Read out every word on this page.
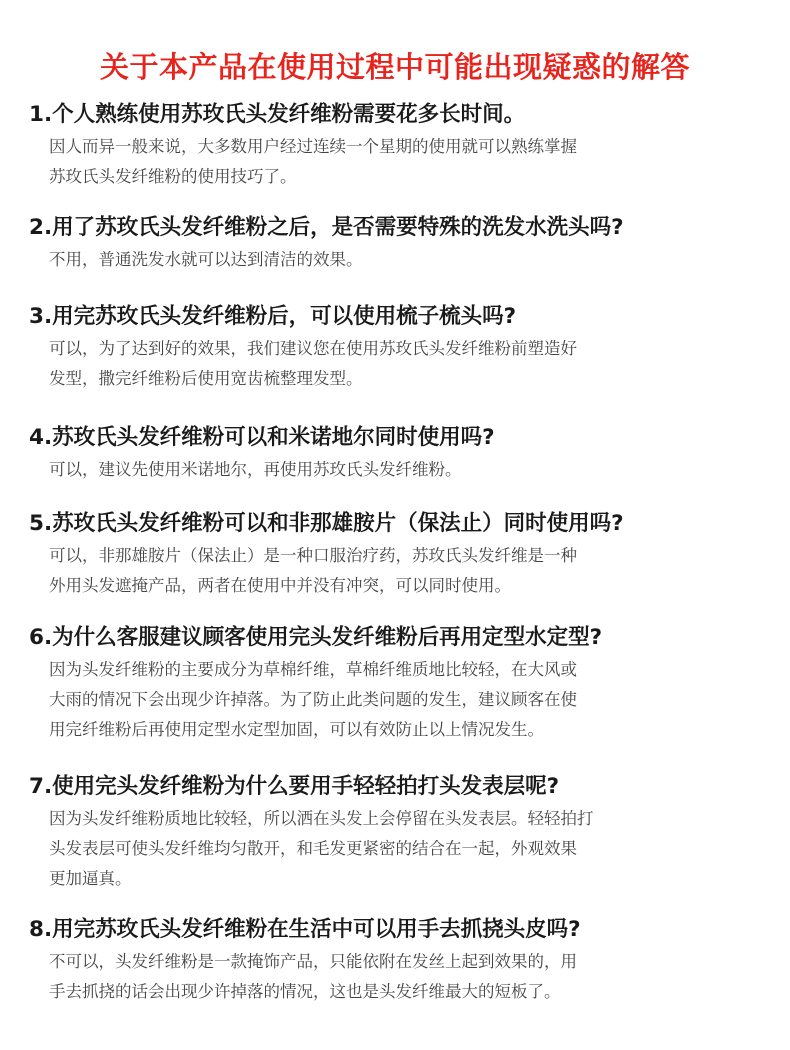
关于本产品在使用过程中可能出现疑惑的解答

1.个人熟练使用苏玫氏头发纤维粉需要花多长时间。

因人而异一般来说，大多数用户经过连续一个星期的使用就可以熟练掌握
苏玫氏头发纤维粉的使用技巧了。

2.用了苏玫氏头发纤维粉之后，是否需要特殊的洗发水洗头吗?

不用，普通洗发水就可以达到清洁的效果。

3.用完苏玫氏头发纤维粉后，可以使用梳子梳头吗?

可以，为了达到好的效果，我们建议您在使用苏玫氏头发纤维粉前塑造好
发型，撒完纤维粉后使用宽齿梳整理发型。

4.苏玫氏头发纤维粉可以和米诺地尔同时使用吗?

可以，建议先使用米诺地尔，再使用苏玫氏头发纤维粉。

5.苏玫氏头发纤维粉可以和非那雄胺片（保法止）同时使用吗?

可以，非那雄胺片（保法止）是一种口服治疗药，苏玫氏头发纤维是一种
外用头发遮掩产品，两者在使用中并没有冲突，可以同时使用。

6.为什么客服建议顾客使用完头发纤维粉后再用定型水定型?

因为头发纤维粉的主要成分为草棉纤维，草棉纤维质地比较轻，在大风或
大雨的情况下会出现少许掉落。为了防止此类问题的发生，建议顾客在使
用完纤维粉后再使用定型水定型加固，可以有效防止以上情况发生。

7.使用完头发纤维粉为什么要用手轻轻拍打头发表层呢?

因为头发纤维粉质地比较轻，所以洒在头发上会停留在头发表层。轻轻拍打
头发表层可使头发纤维均匀散开，和毛发更紧密的结合在一起，外观效果
更加逼真。

8.用完苏玫氏头发纤维粉在生活中可以用手去抓挠头皮吗?

不可以，头发纤维粉是一款掩饰产品，只能依附在发丝上起到效果的，用
手去抓挠的话会出现少许掉落的情况，这也是头发纤维最大的短板了。
